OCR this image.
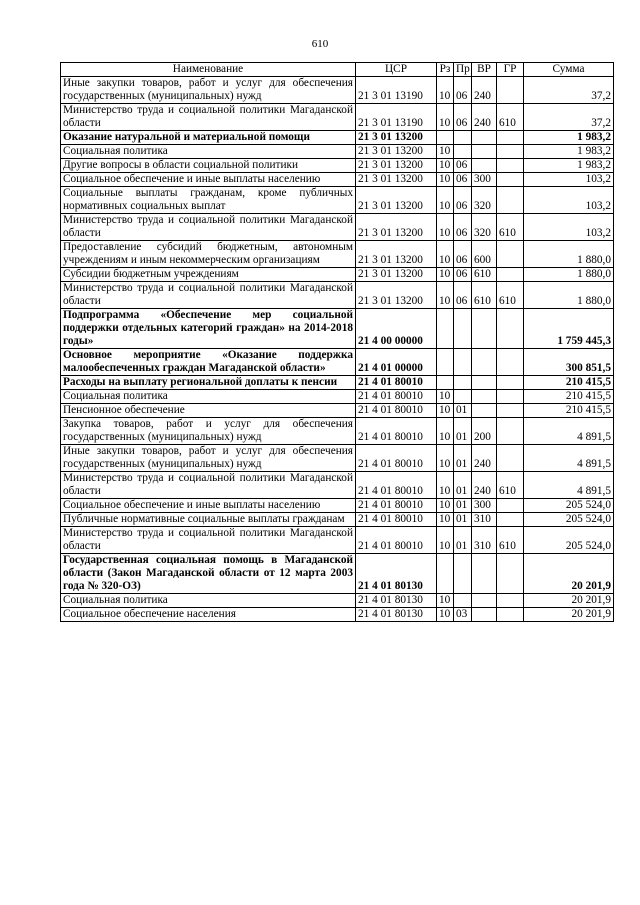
610
Наименование	ЦСР	Рз	Пр	ВР	ГР	Сумма
Иные закупки товаров, работ и услуг для обеспечения государственных (муниципальных) нужд	21 3 01 13190	10	06	240		37,2
Министерство труда и социальной политики Магаданской области	21 3 01 13190	10	06	240	610	37,2
Оказание натуральной и материальной помощи	21 3 01 13200					1 983,2
Социальная политика	21 3 01 13200	10				1 983,2
Другие вопросы в области социальной политики	21 3 01 13200	10	06			1 983,2
Социальное обеспечение и иные выплаты населению	21 3 01 13200	10	06	300		103,2
Социальные выплаты гражданам, кроме публичных нормативных социальных выплат	21 3 01 13200	10	06	320		103,2
Министерство труда и социальной политики Магаданской области	21 3 01 13200	10	06	320	610	103,2
Предоставление субсидий бюджетным, автономным учреждениям и иным некоммерческим организациям	21 3 01 13200	10	06	600		1 880,0
Субсидии бюджетным учреждениям	21 3 01 13200	10	06	610		1 880,0
Министерство труда и социальной политики Магаданской области	21 3 01 13200	10	06	610	610	1 880,0
Подпрограмма «Обеспечение мер социальной поддержки отдельных категорий граждан» на 2014-2018 годы»	21 4 00 00000					1 759 445,3
Основное мероприятие «Оказание поддержка малообеспеченных граждан Магаданской области»	21 4 01 00000					300 851,5
Расходы на выплату региональной доплаты к пенсии	21 4 01 80010					210 415,5
Социальная политика	21 4 01 80010	10				210 415,5
Пенсионное обеспечение	21 4 01 80010	10	01			210 415,5
Закупка товаров, работ и услуг для обеспечения государственных (муниципальных) нужд	21 4 01 80010	10	01	200		4 891,5
Иные закупки товаров, работ и услуг для обеспечения государственных (муниципальных) нужд	21 4 01 80010	10	01	240		4 891,5
Министерство труда и социальной политики Магаданской области	21 4 01 80010	10	01	240	610	4 891,5
Социальное обеспечение и иные выплаты населению	21 4 01 80010	10	01	300		205 524,0
Публичные нормативные социальные выплаты гражданам	21 4 01 80010	10	01	310		205 524,0
Министерство труда и социальной политики Магаданской области	21 4 01 80010	10	01	310	610	205 524,0
Государственная социальная помощь в Магаданской области (Закон Магаданской области от 12 марта 2003 года № 320-ОЗ)	21 4 01 80130					20 201,9
Социальная политика	21 4 01 80130	10				20 201,9
Социальное обеспечение населения	21 4 01 80130	10	03			20 201,9
